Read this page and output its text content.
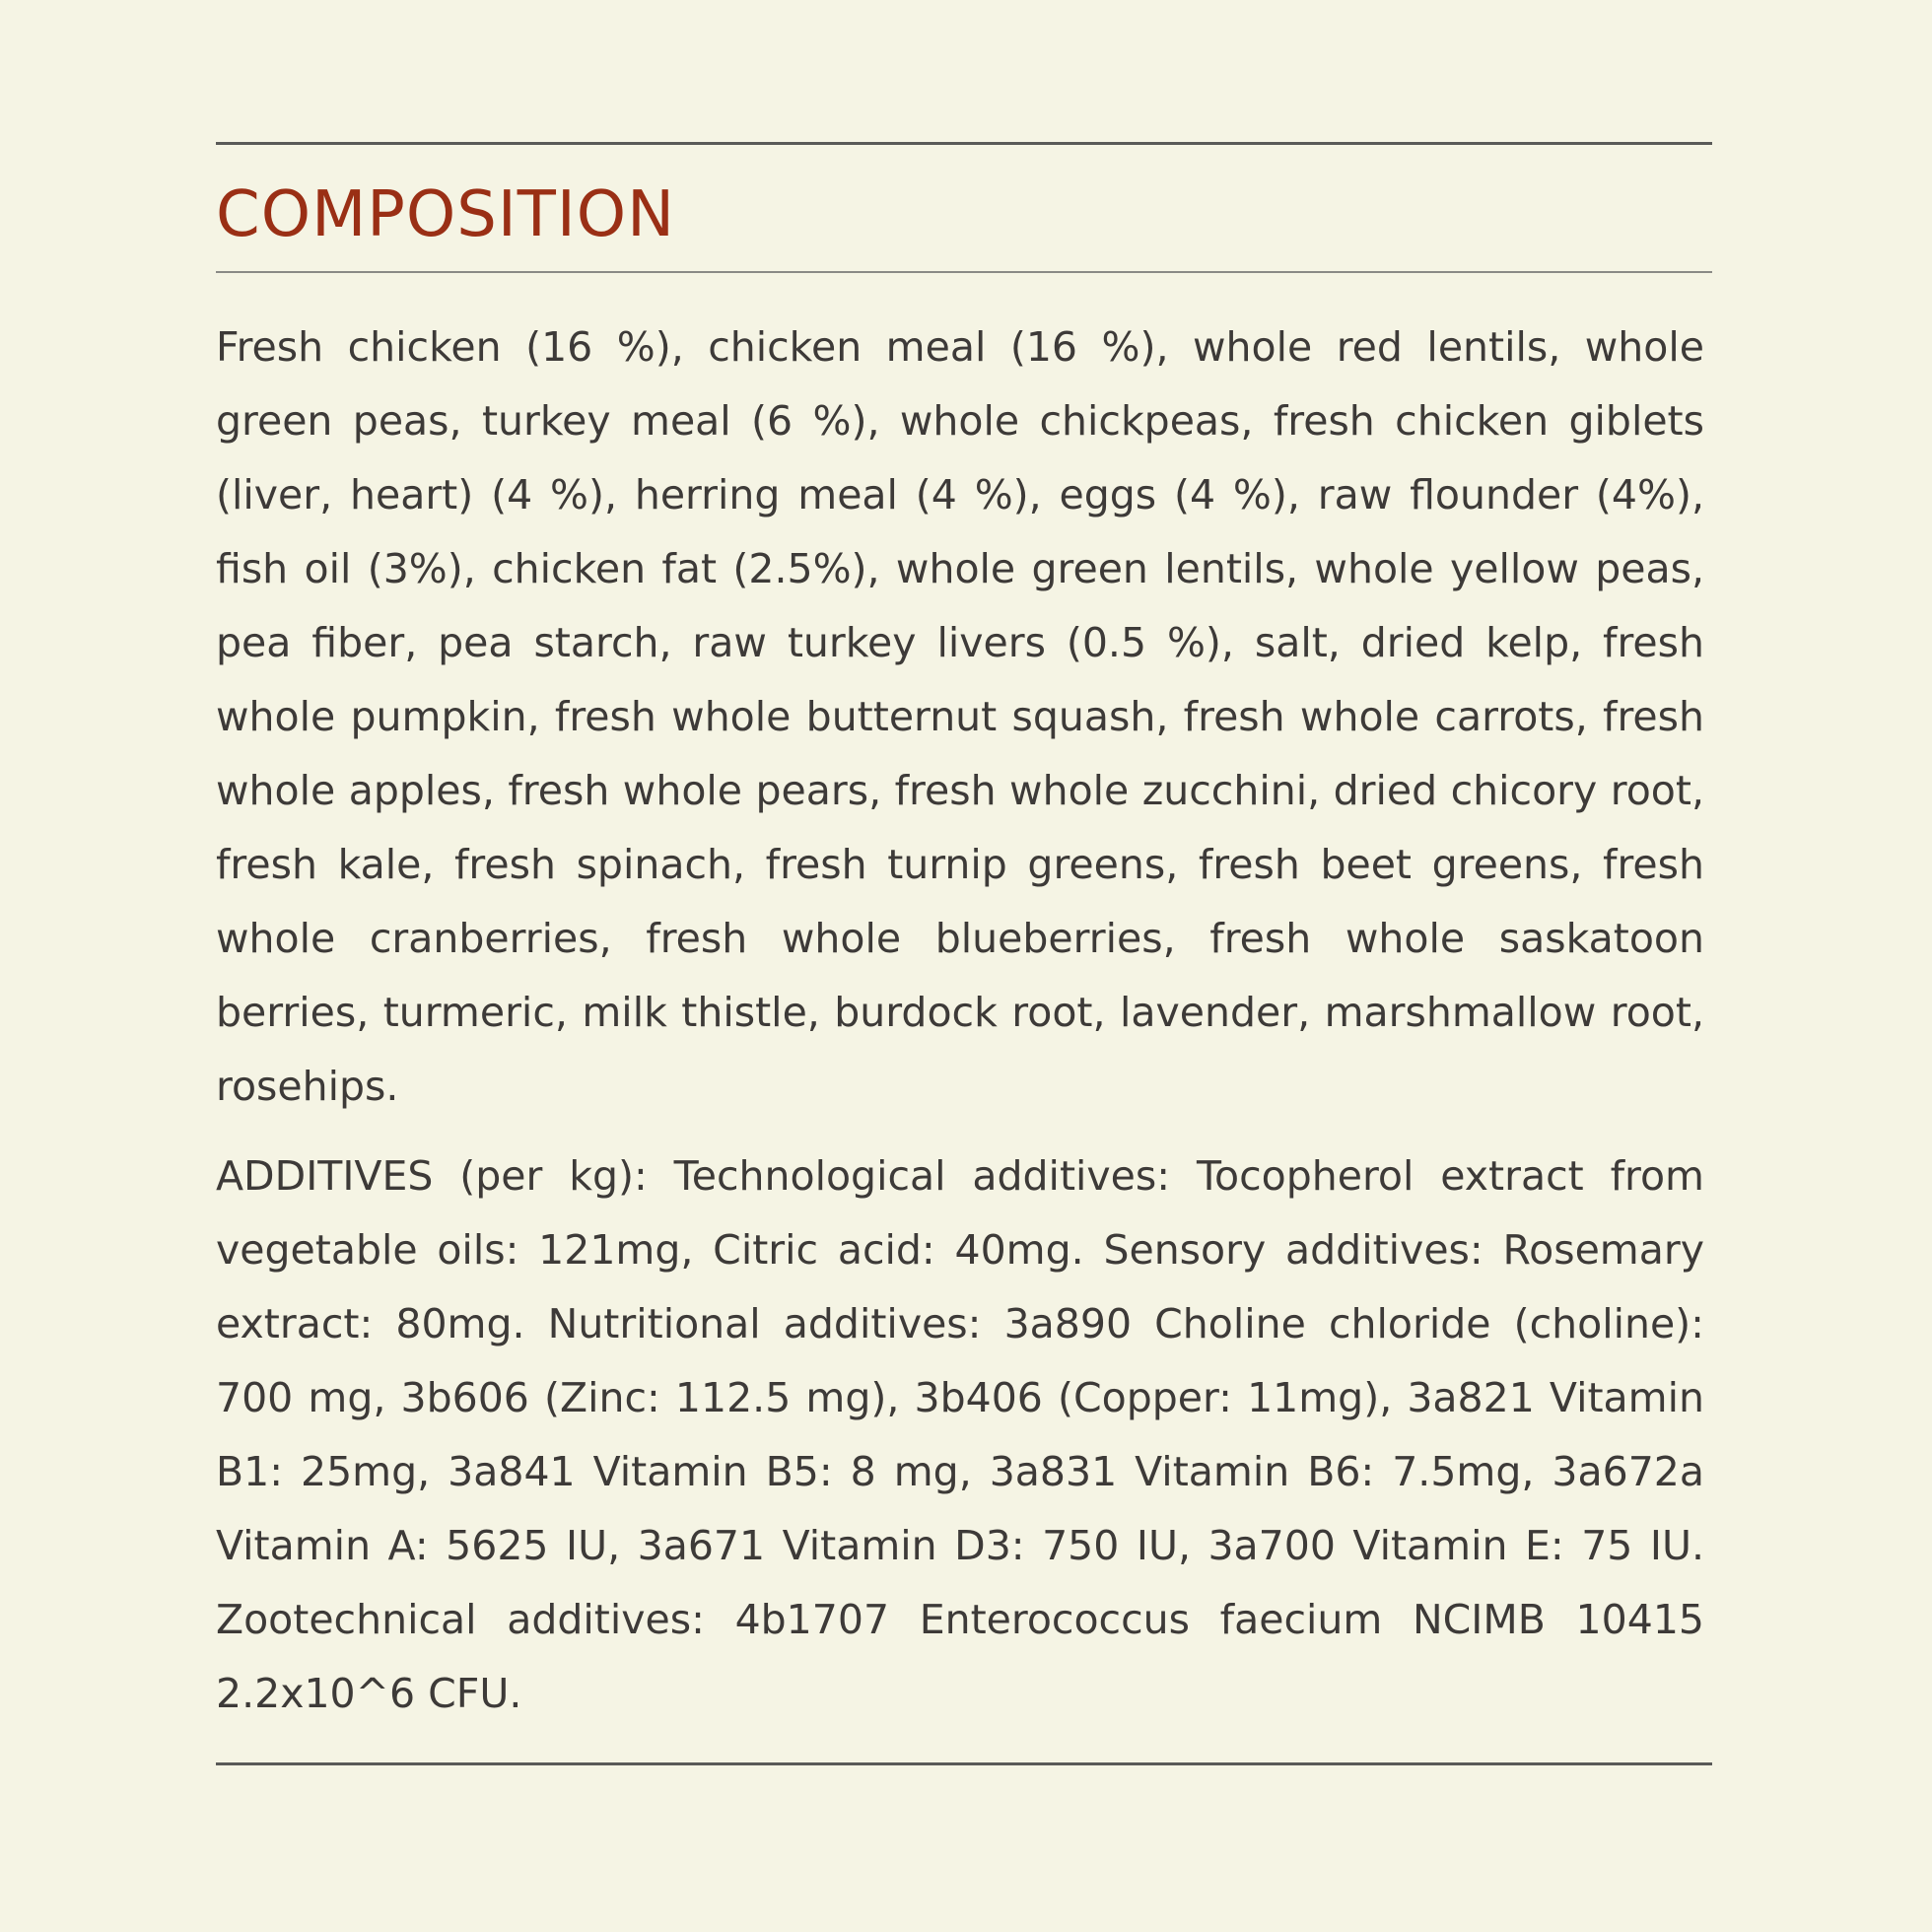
COMPOSITION

Fresh chicken (16 %), chicken meal (16 %), whole red lentils, whole green peas, turkey meal (6 %), whole chickpeas, fresh chicken giblets (liver, heart) (4 %), herring meal (4 %), eggs (4 %), raw flounder (4%), fish oil (3%), chicken fat (2.5%), whole green lentils, whole yellow peas, pea fiber, pea starch, raw turkey livers (0.5 %), salt, dried kelp, fresh whole pumpkin, fresh whole butternut squash, fresh whole carrots, fresh whole apples, fresh whole pears, fresh whole zucchini, dried chicory root, fresh kale, fresh spinach, fresh turnip greens, fresh beet greens, fresh whole cranberries, fresh whole blueberries, fresh whole saskatoon berries, turmeric, milk thistle, burdock root, lavender, marshmallow root, rosehips.

ADDITIVES (per kg): Technological additives: Tocopherol extract from vegetable oils: 121mg, Citric acid: 40mg. Sensory additives: Rosemary extract: 80mg. Nutritional additives: 3a890 Choline chloride (choline): 700 mg, 3b606 (Zinc: 112.5 mg), 3b406 (Copper: 11mg), 3a821 Vitamin B1: 25mg, 3a841 Vitamin B5: 8 mg, 3a831 Vitamin B6: 7.5mg, 3a672a Vitamin A: 5625 IU, 3a671 Vitamin D3: 750 IU, 3a700 Vitamin E: 75 IU. Zootechnical additives: 4b1707 Enterococcus faecium NCIMB 10415 2.2x10^6 CFU.
